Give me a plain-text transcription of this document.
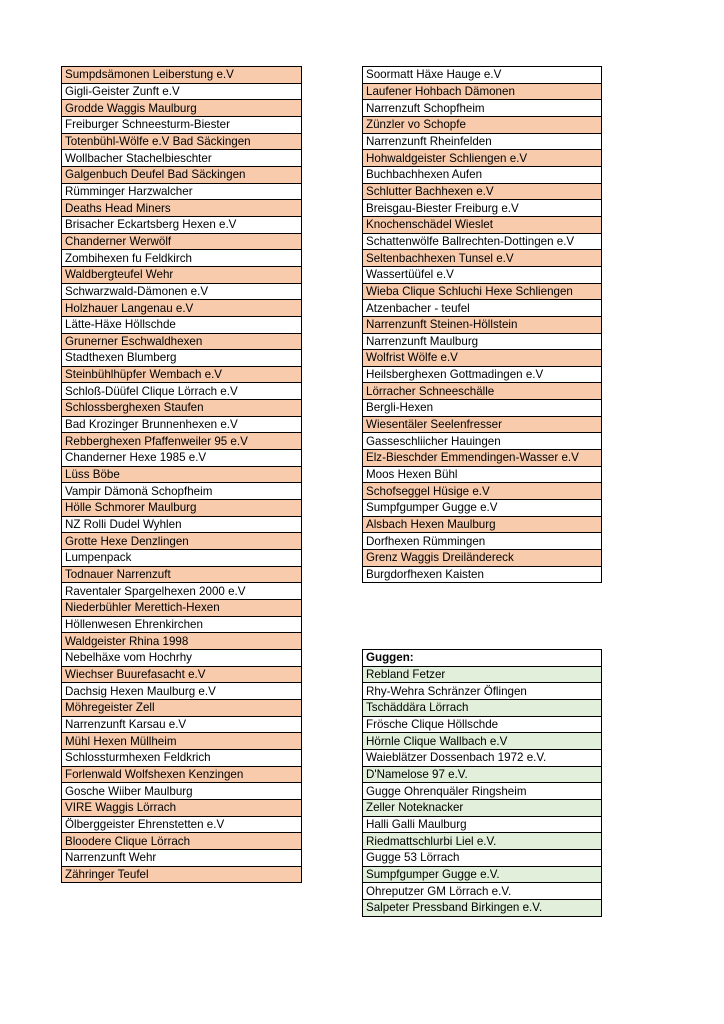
Sumpdsämonen Leiberstung e.V
Gigli-Geister Zunft e.V
Grodde Waggis Maulburg
Freiburger Schneesturm-Biester
Totenbühl-Wölfe e.V Bad Säckingen
Wollbacher Stachelbieschter
Galgenbuch Deufel Bad Säckingen
Rümminger Harzwalcher
Deaths Head Miners
Brisacher Eckartsberg Hexen e.V
Chanderner Werwölf
Zombihexen fu Feldkirch
Waldbergteufel Wehr
Schwarzwald-Dämonen e.V
Holzhauer Langenau e.V
Lätte-Häxe Höllschde
Grunerner Eschwaldhexen
Stadthexen Blumberg
Steinbühlhüpfer Wembach e.V
Schloß-Düüfel Clique Lörrach e.V
Schlossberghexen Staufen
Bad Krozinger Brunnenhexen e.V
Rebberghexen Pfaffenweiler 95 e.V
Chanderner Hexe 1985 e.V
Lüss Böbe
Vampir Dämonä Schopfheim
Hölle Schmorer Maulburg
NZ Rolli Dudel Wyhlen
Grotte Hexe Denzlingen
Lumpenpack
Todnauer Narrenzuft
Raventaler Spargelhexen 2000 e.V
Niederbühler Merettich-Hexen
Höllenwesen Ehrenkirchen
Waldgeister Rhina 1998
Nebelhäxe vom Hochrhy
Wiechser Buurefasacht e.V
Dachsig Hexen Maulburg e.V
Möhregeister Zell
Narrenzunft Karsau e.V
Mühl Hexen Müllheim
Schlossturmhexen Feldkrich
Forlenwald Wolfshexen Kenzingen
Gosche Wiiber Maulburg
VIRE Waggis Lörrach
Ölberggeister Ehrenstetten e.V
Bloodere Clique Lörrach
Narrenzunft Wehr
Zähringer Teufel
Soormatt Häxe Hauge e.V
Laufener Hohbach Dämonen
Narrenzuft Schopfheim
Zünzler vo Schopfe
Narrenzunft Rheinfelden
Hohwaldgeister Schliengen e.V
Buchbachhexen Aufen
Schlutter Bachhexen e.V
Breisgau-Biester Freiburg e.V
Knochenschädel Wieslet
Schattenwölfe Ballrechten-Dottingen e.V
Seltenbachhexen Tunsel e.V
Wassertüüfel e.V
Wieba Clique Schluchi Hexe Schliengen
Atzenbacher - teufel
Narrenzunft Steinen-Höllstein
Narrenzunft Maulburg
Wolfrist Wölfe e.V
Heilsberghexen Gottmadingen e.V
Lörracher Schneeschälle
Bergli-Hexen
Wiesentäler Seelenfresser
Gasseschliicher Hauingen
Elz-Bieschder Emmendingen-Wasser e.V
Moos Hexen Bühl
Schofseggel Hüsige e.V
Sumpfgumper Gugge e.V
Alsbach Hexen Maulburg
Dorfhexen Rümmingen
Grenz Waggis Dreiländereck
Burgdorfhexen Kaisten
Guggen:
Rebland Fetzer
Rhy-Wehra Schränzer Öflingen
Tschäddära Lörrach
Frösche Clique Höllschde
Hörnle Clique Wallbach e.V
Waieblätzer Dossenbach 1972 e.V.
D'Namelose 97 e.V.
Gugge Ohrenquäler Ringsheim
Zeller Noteknacker
Halli Galli Maulburg
Riedmattschlurbi Liel e.V.
Gugge 53 Lörrach
Sumpfgumper Gugge e.V.
Ohreputzer GM Lörrach e.V.
Salpeter Pressband Birkingen e.V.
